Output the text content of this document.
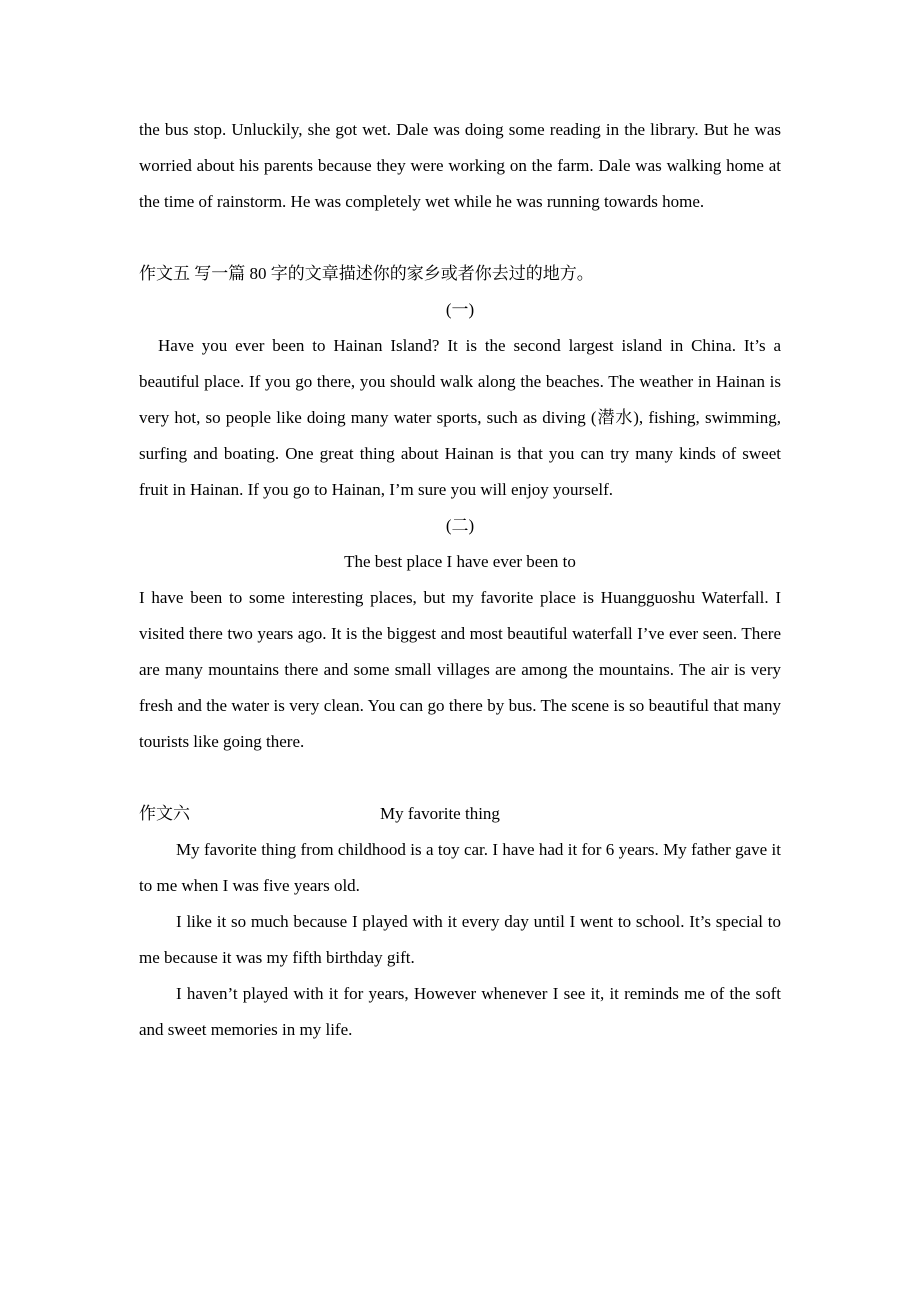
the bus stop. Unluckily, she got wet. Dale was doing some reading in the library. But he was worried about his parents because they were working on the farm. Dale was walking home at the time of rainstorm. He was completely wet while he was running towards home.

作文五 写一篇 80 字的文章描述你的家乡或者你去过的地方。

(一)

Have you ever been to Hainan Island? It is the second largest island in China. It’s a beautiful place. If you go there, you should walk along the beaches. The weather in Hainan is very hot, so people like doing many water sports, such as diving (潜水), fishing, swimming, surfing and boating. One great thing about Hainan is that you can try many kinds of sweet fruit in Hainan. If you go to Hainan, I’m sure you will enjoy yourself.

(二)

The best place I have ever been to

I have been to some interesting places, but my favorite place is Huangguoshu Waterfall. I visited there two years ago. It is the biggest and most beautiful waterfall I’ve ever seen. There are many mountains there and some small villages are among the mountains. The air is very fresh and the water is very clean. You can go there by bus. The scene is so beautiful that many tourists like going there.

作文六	My favorite thing

My favorite thing from childhood is a toy car. I have had it for 6 years. My father gave it to me when I was five years old.

I like it so much because I played with it every day until I went to school. It’s special to me because it was my fifth birthday gift.

I haven’t played with it for years, However whenever I see it, it reminds me of the soft and sweet memories in my life.
